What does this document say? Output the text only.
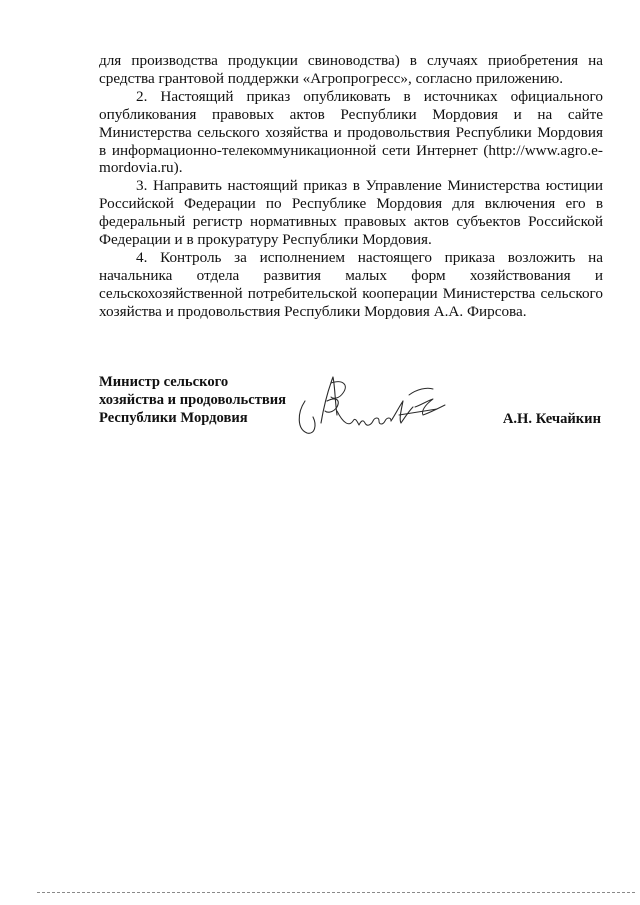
для производства продукции свиноводства) в случаях приобретения на средства грантовой поддержки «Агропрогресс», согласно приложению.

2. Настоящий приказ опубликовать в источниках официального опубликования правовых актов Республики Мордовия и на сайте Министерства сельского хозяйства и продовольствия Республики Мордовия в информационно-телекоммуникационной сети Интернет (http://www.agro.e-mordovia.ru).

3. Направить настоящий приказ в Управление Министерства юстиции Российской Федерации по Республике Мордовия для включения его в федеральный регистр нормативных правовых актов субъектов Российской Федерации и в прокуратуру Республики Мордовия.

4. Контроль за исполнением настоящего приказа возложить на начальника отдела развития малых форм хозяйствования и сельскохозяйственной потребительской кооперации Министерства сельского хозяйства и продовольствия Республики Мордовия А.А. Фирсова.

Министр сельского
хозяйства и продовольствия
Республики Мордовия	А.Н. Кечайкин
